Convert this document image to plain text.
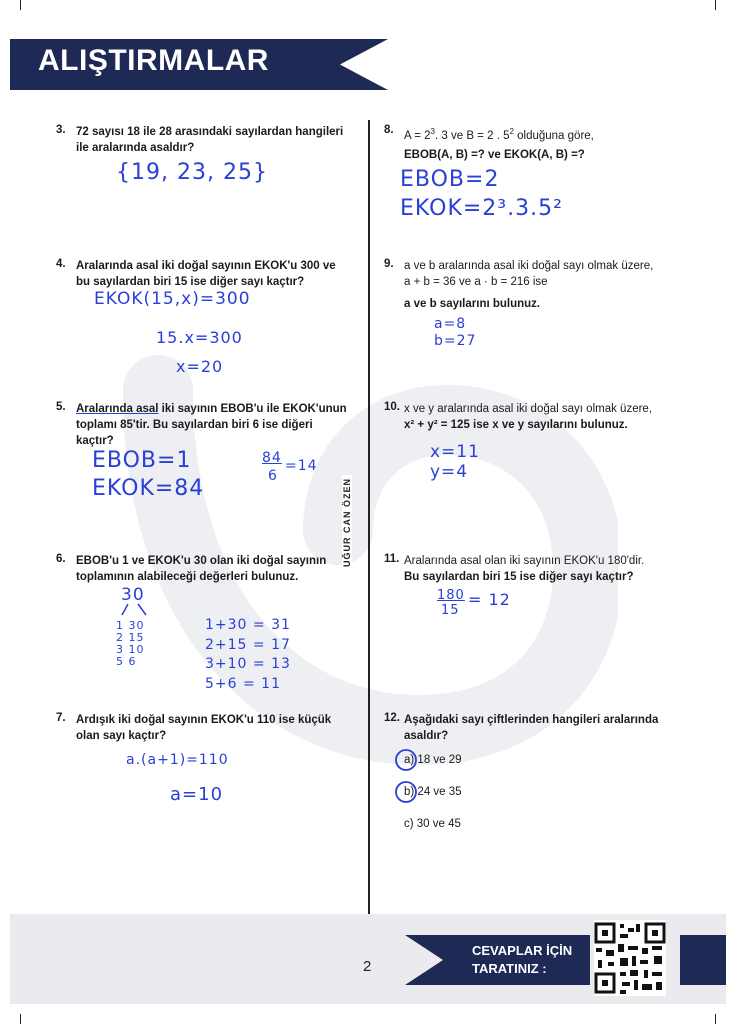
ALIŞTIRMALAR
UĞUR CAN ÖZEN
3. 72 sayısı 18 ile 28 arasındaki sayılardan hangileri
ile aralarında asaldır?
{19, 23, 25}
4. Aralarında asal iki doğal sayının EKOK'u 300 ve
bu sayılardan biri 15 ise diğer sayı kaçtır?
EKOK(15,x)=300
15.x=300
x=20
5. Aralarında asal iki sayının EBOB'u ile EKOK'unun
toplamı 85'tir. Bu sayılardan biri 6 ise diğeri
kaçtır?
EBOB=1
EKOK=84
84
6
=14
6. EBOB'u 1 ve EKOK'u 30 olan iki doğal sayının
toplamının alabileceği değerleri bulunuz.
30
1 30
2 15
3 10
5 6
1+30 = 31
2+15 = 17
3+10 = 13
5+6 = 11
7. Ardışık iki doğal sayının EKOK'u 110 ise küçük
olan sayı kaçtır?
a.(a+1)=110
a=10
8. $A = 2^3$. 3 ve B = 2 . $5^2$ olduğuna göre,
EBOB(A, B) =? ve EKOK(A, B) =?
EBOB=2
EKOK=2³.3.5²
9. a ve b aralarında asal iki doğal sayı olmak üzere,
a + b = 36 ve a · b = 216 ise
a ve b sayılarını bulunuz.
a=8
b=27
10. x ve y aralarında asal iki doğal sayı olmak üzere,
x² + y² = 125 ise x ve y sayılarını bulunuz.
x=11
y=4
11. Aralarında asal olan iki sayının EKOK'u 180'dir.
Bu sayılardan biri 15 ise diğer sayı kaçtır?
180
15
= 12
12. Aşağıdaki sayı çiftlerinden hangileri aralarında
asaldır?
a) 18 ve 29
b) 24 ve 35
c) 30 ve 45
2
CEVAPLAR İÇİN
TARATINIZ :
